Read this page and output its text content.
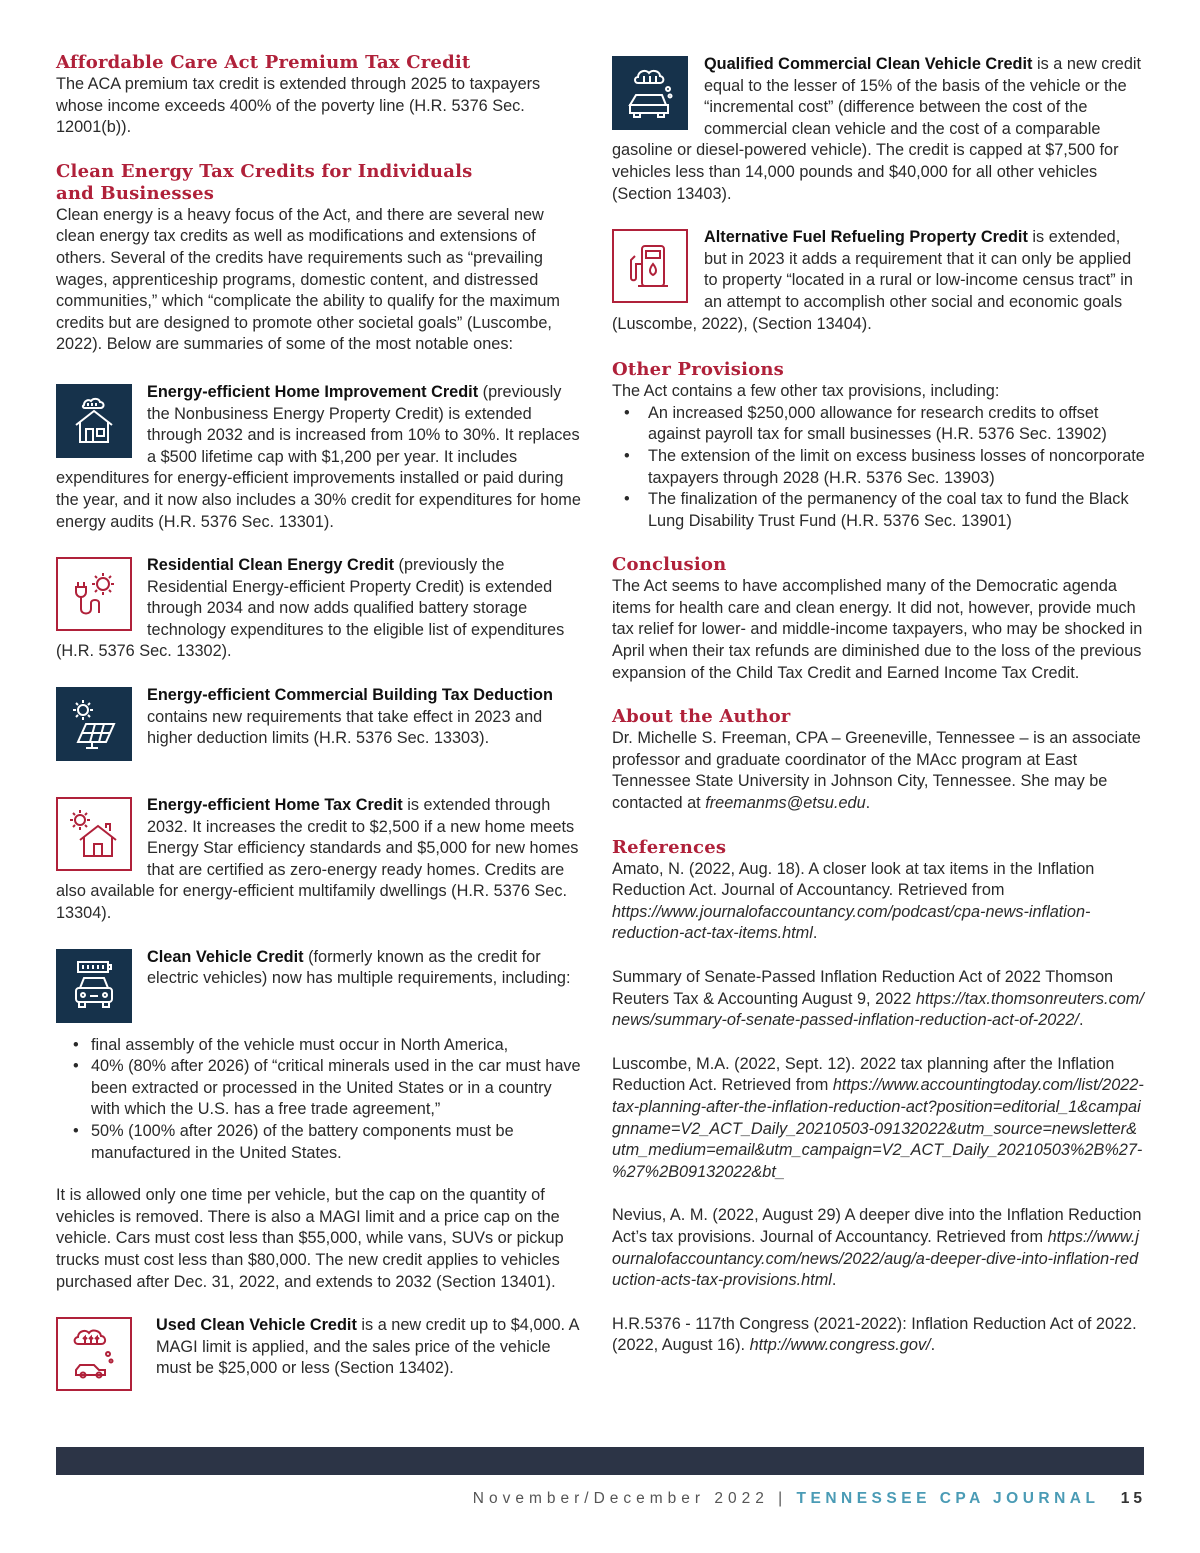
Affordable Care Act Premium Tax Credit
The ACA premium tax credit is extended through 2025 to taxpayers whose income exceeds 400% of the poverty line (H.R. 5376 Sec. 12001(b)).
Clean Energy Tax Credits for Individuals
and Businesses
Clean energy is a heavy focus of the Act, and there are several new clean energy tax credits as well as modifications and extensions of others. Several of the credits have requirements such as “prevailing wages, apprenticeship programs, domestic content, and distressed communities,” which “complicate the ability to qualify for the maximum credits but are designed to promote other societal goals” (Luscombe, 2022). Below are summaries of some of the most notable ones:
Energy-efficient Home Improvement Credit (previously the Nonbusiness Energy Property Credit) is extended through 2032 and is increased from 10% to 30%. It replaces a $500 lifetime cap with $1,200 per year. It includes expenditures for energy-efficient improvements installed or paid during the year, and it now also includes a 30% credit for expenditures for home energy audits (H.R. 5376 Sec. 13301).
Residential Clean Energy Credit (previously the Residential Energy-efficient Property Credit) is extended through 2034 and now adds qualified battery storage technology expenditures to the eligible list of expenditures (H.R. 5376 Sec. 13302).
Energy-efficient Commercial Building Tax Deduction contains new requirements that take effect in 2023 and higher deduction limits (H.R. 5376 Sec. 13303).
Energy-efficient Home Tax Credit is extended through 2032. It increases the credit to $2,500 if a new home meets Energy Star efficiency standards and $5,000 for new homes that are certified as zero-energy ready homes. Credits are also available for energy-efficient multifamily dwellings (H.R. 5376 Sec. 13304).
Clean Vehicle Credit (formerly known as the credit for electric vehicles) now has multiple requirements, including:
• final assembly of the vehicle must occur in North America,
• 40% (80% after 2026) of “critical minerals used in the car must have been extracted or processed in the United States or in a country with which the U.S. has a free trade agreement,”
• 50% (100% after 2026) of the battery components must be manufactured in the United States.
It is allowed only one time per vehicle, but the cap on the quantity of vehicles is removed. There is also a MAGI limit and a price cap on the vehicle. Cars must cost less than $55,000, while vans, SUVs or pickup trucks must cost less than $80,000. The new credit applies to vehicles purchased after Dec. 31, 2022, and extends to 2032 (Section 13401).
Used Clean Vehicle Credit is a new credit up to $4,000. A MAGI limit is applied, and the sales price of the vehicle must be $25,000 or less (Section 13402).
Qualified Commercial Clean Vehicle Credit is a new credit equal to the lesser of 15% of the basis of the vehicle or the “incremental cost” (difference between the cost of the commercial clean vehicle and the cost of a comparable gasoline or diesel-powered vehicle). The credit is capped at $7,500 for vehicles less than 14,000 pounds and $40,000 for all other vehicles (Section 13403).
Alternative Fuel Refueling Property Credit is extended, but in 2023 it adds a requirement that it can only be applied to property “located in a rural or low-income census tract” in an attempt to accomplish other social and economic goals (Luscombe, 2022), (Section 13404).
Other Provisions
The Act contains a few other tax provisions, including:
• An increased $250,000 allowance for research credits to offset against payroll tax for small businesses (H.R. 5376 Sec. 13902)
• The extension of the limit on excess business losses of noncorporate taxpayers through 2028 (H.R. 5376 Sec. 13903)
• The finalization of the permanency of the coal tax to fund the Black Lung Disability Trust Fund (H.R. 5376 Sec. 13901)
Conclusion
The Act seems to have accomplished many of the Democratic agenda items for health care and clean energy. It did not, however, provide much tax relief for lower- and middle-income taxpayers, who may be shocked in April when their tax refunds are diminished due to the loss of the previous expansion of the Child Tax Credit and Earned Income Tax Credit.
About the Author
Dr. Michelle S. Freeman, CPA – Greeneville, Tennessee – is an associate professor and graduate coordinator of the MAcc program at East Tennessee State University in Johnson City, Tennessee. She may be contacted at freemanms@etsu.edu.
References
Amato, N. (2022, Aug. 18). A closer look at tax items in the Inflation Reduction Act. Journal of Accountancy. Retrieved from https://www.journalofaccountancy.com/podcast/cpa-news-inflation-reduction-act-tax-items.html.
Summary of Senate-Passed Inflation Reduction Act of 2022 Thomson Reuters Tax & Accounting August 9, 2022 https://tax.thomsonreuters.com/news/summary-of-senate-passed-inflation-reduction-act-of-2022/.
Luscombe, M.A. (2022, Sept. 12). 2022 tax planning after the Inflation Reduction Act. Retrieved from https://www.accountingtoday.com/list/2022-tax-planning-after-the-inflation-reduction-act?position=editorial_1&campaignname=V2_ACT_Daily_20210503-09132022&utm_source=newsletter&utm_medium=email&utm_campaign=V2_ACT_Daily_20210503%2B%27-%27%2B09132022&bt_
Nevius, A. M. (2022, August 29) A deeper dive into the Inflation Reduction Act’s tax provisions. Journal of Accountancy. Retrieved from https://www.journalofaccountancy.com/news/2022/aug/a-deeper-dive-into-inflation-reduction-acts-tax-provisions.html.
H.R.5376 - 117th Congress (2021-2022): Inflation Reduction Act of 2022. (2022, August 16). http://www.congress.gov/.
November/December 2022 | TENNESSEE CPA JOURNAL 15
